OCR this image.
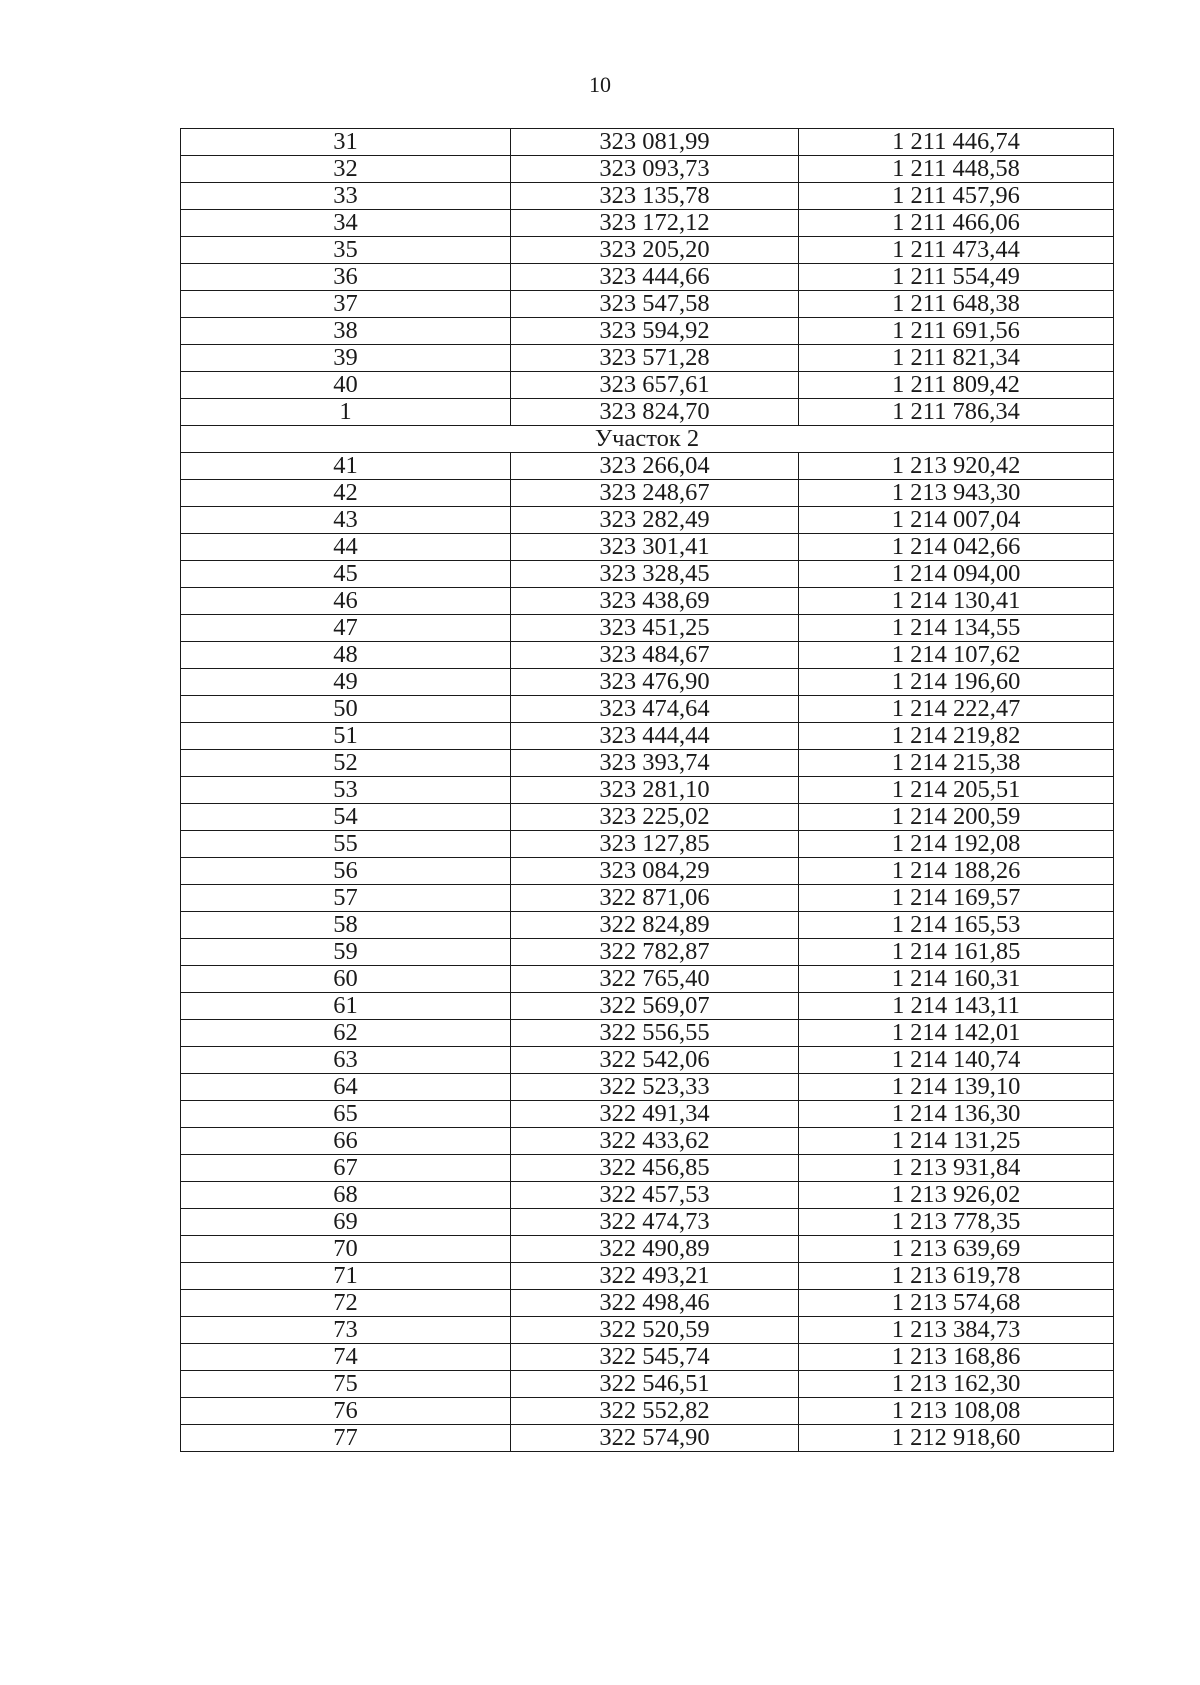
10
31	323 081,99	1 211 446,74
32	323 093,73	1 211 448,58
33	323 135,78	1 211 457,96
34	323 172,12	1 211 466,06
35	323 205,20	1 211 473,44
36	323 444,66	1 211 554,49
37	323 547,58	1 211 648,38
38	323 594,92	1 211 691,56
39	323 571,28	1 211 821,34
40	323 657,61	1 211 809,42
1	323 824,70	1 211 786,34
Участок 2		
41	323 266,04	1 213 920,42
42	323 248,67	1 213 943,30
43	323 282,49	1 214 007,04
44	323 301,41	1 214 042,66
45	323 328,45	1 214 094,00
46	323 438,69	1 214 130,41
47	323 451,25	1 214 134,55
48	323 484,67	1 214 107,62
49	323 476,90	1 214 196,60
50	323 474,64	1 214 222,47
51	323 444,44	1 214 219,82
52	323 393,74	1 214 215,38
53	323 281,10	1 214 205,51
54	323 225,02	1 214 200,59
55	323 127,85	1 214 192,08
56	323 084,29	1 214 188,26
57	322 871,06	1 214 169,57
58	322 824,89	1 214 165,53
59	322 782,87	1 214 161,85
60	322 765,40	1 214 160,31
61	322 569,07	1 214 143,11
62	322 556,55	1 214 142,01
63	322 542,06	1 214 140,74
64	322 523,33	1 214 139,10
65	322 491,34	1 214 136,30
66	322 433,62	1 214 131,25
67	322 456,85	1 213 931,84
68	322 457,53	1 213 926,02
69	322 474,73	1 213 778,35
70	322 490,89	1 213 639,69
71	322 493,21	1 213 619,78
72	322 498,46	1 213 574,68
73	322 520,59	1 213 384,73
74	322 545,74	1 213 168,86
75	322 546,51	1 213 162,30
76	322 552,82	1 213 108,08
77	322 574,90	1 212 918,60
